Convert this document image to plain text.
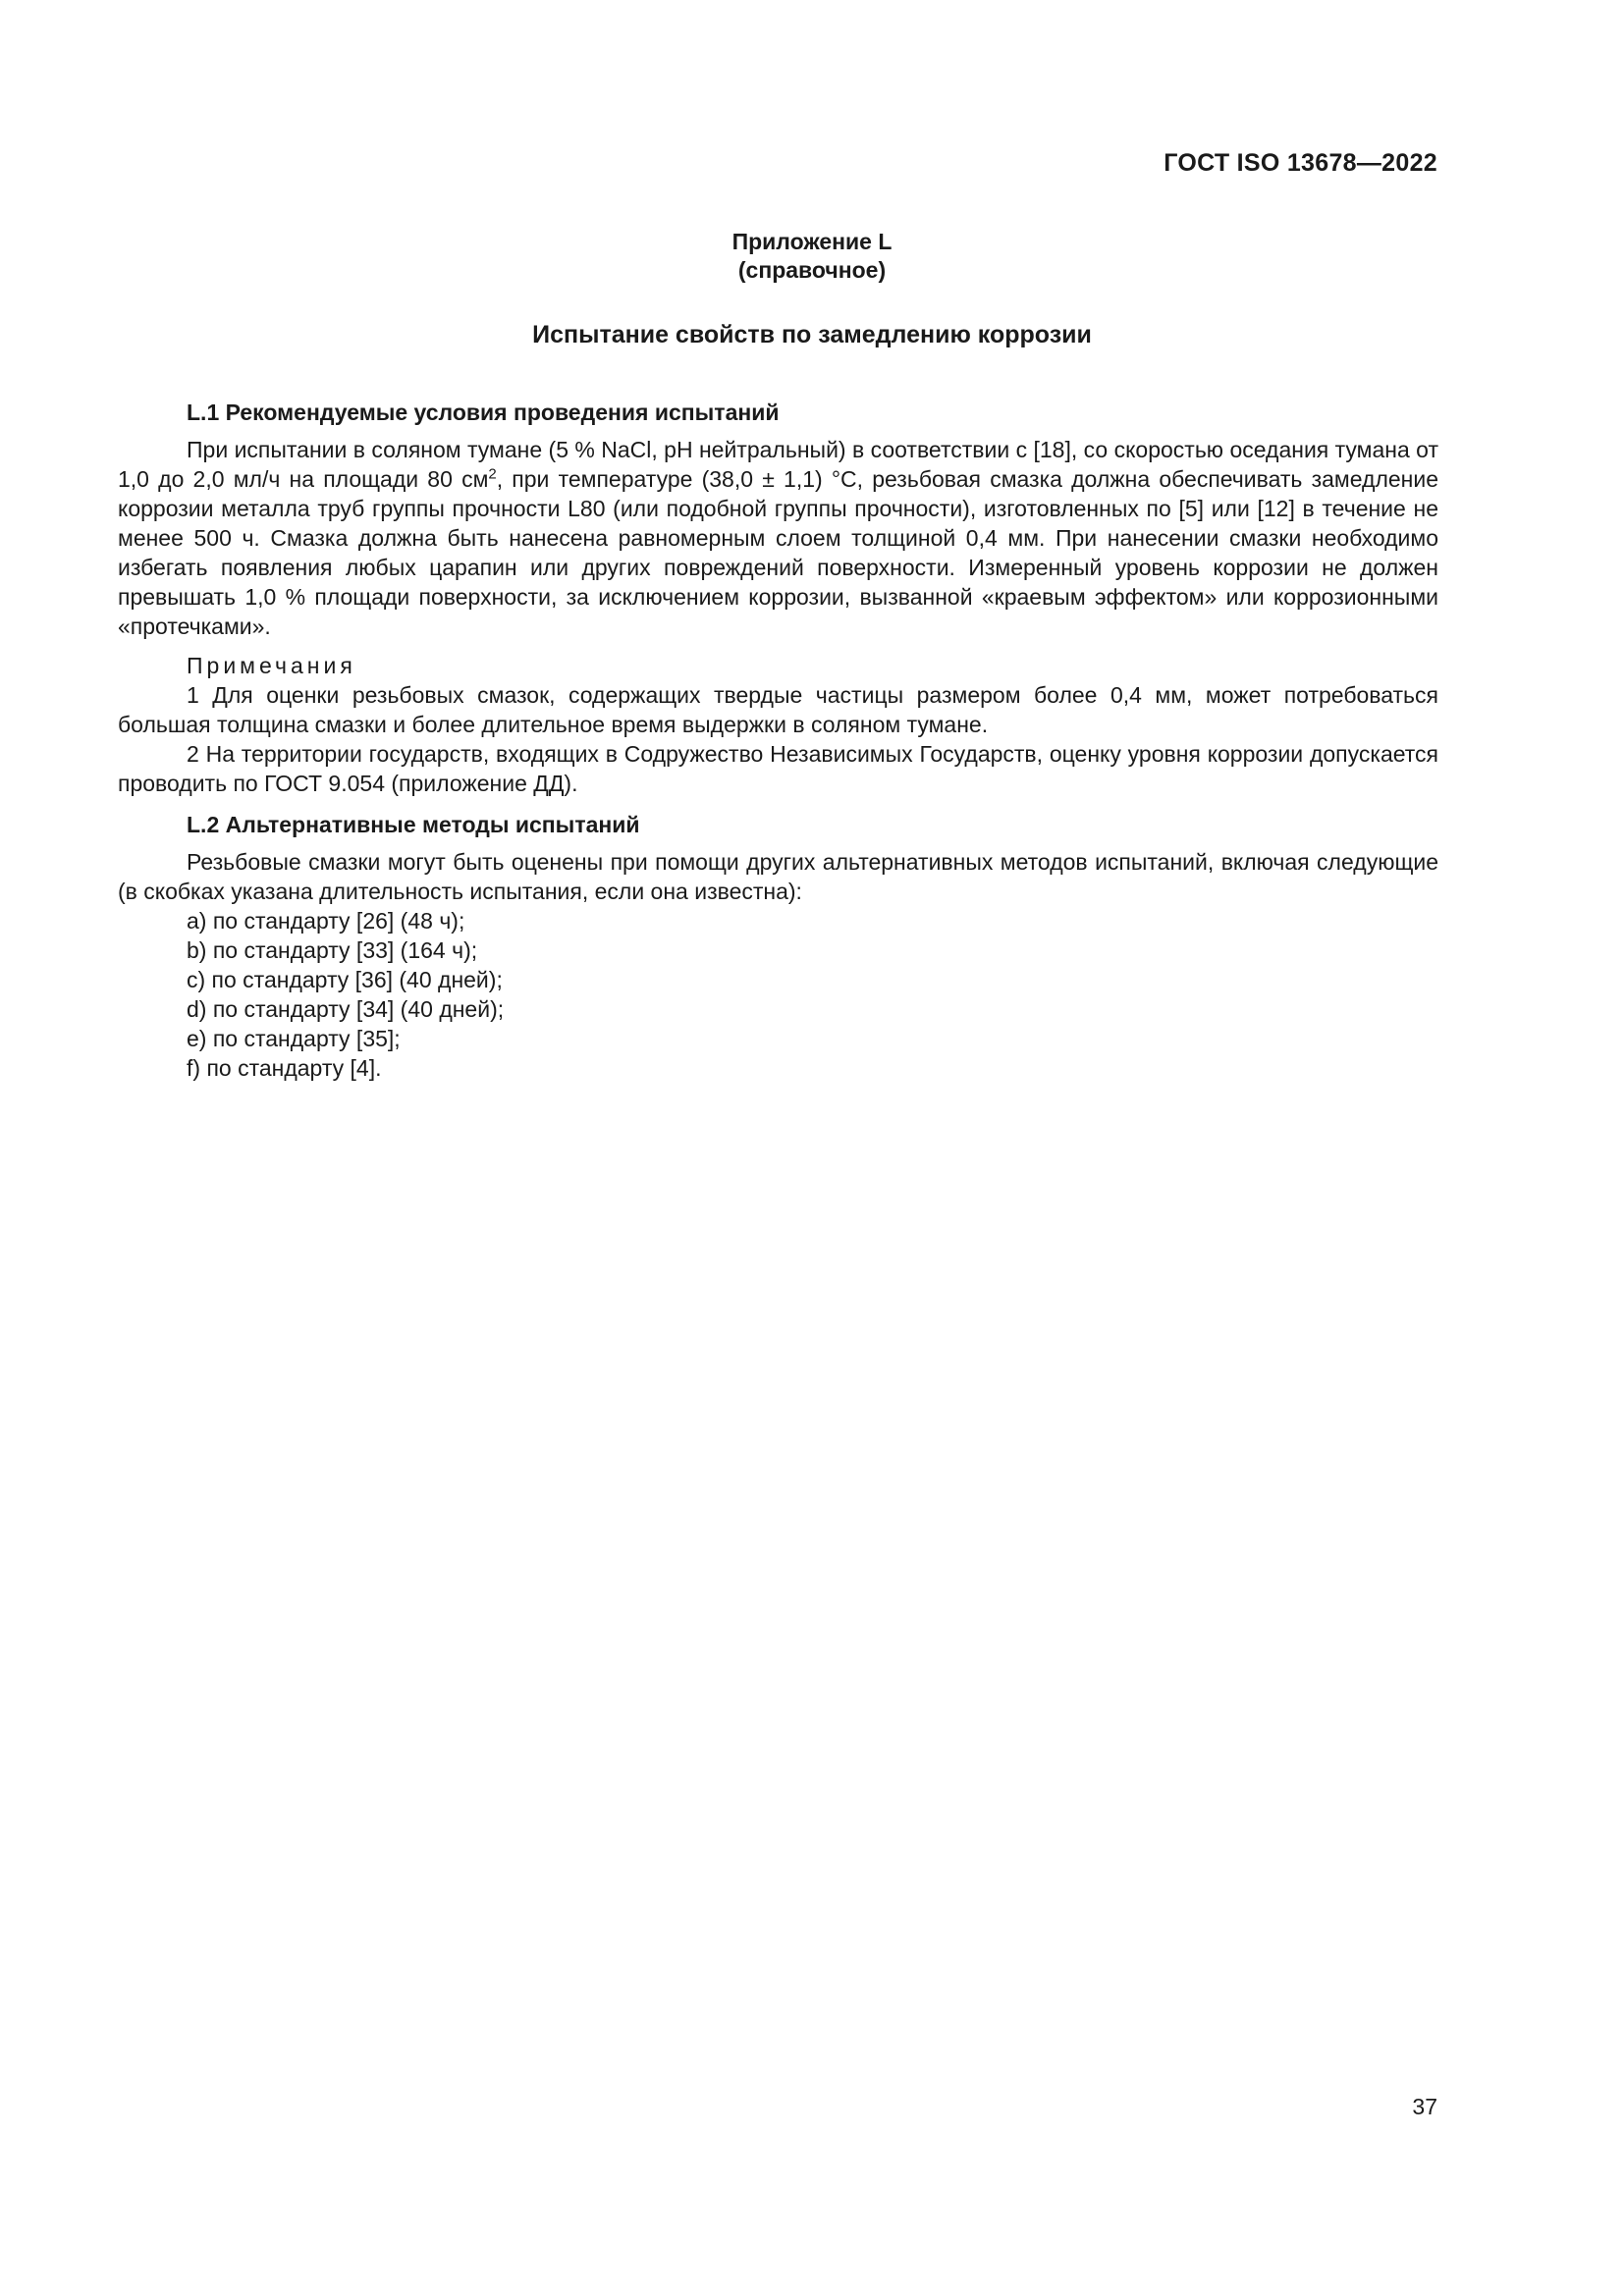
ГОСТ ISO 13678—2022
Приложение L
(справочное)
Испытание свойств по замедлению коррозии

L.1 Рекомендуемые условия проведения испытаний

При испытании в соляном тумане (5 % NaCl, pH нейтральный) в соответствии с [18], со скоростью оседания тумана от 1,0 до 2,0 мл/ч на площади 80 $см^2$, при температуре (38,0 ± 1,1) °C, резьбовая смазка должна обеспечивать замедление коррозии металла труб группы прочности L80 (или подобной группы прочности), изготовленных по [5] или [12] в течение не менее 500 ч. Смазка должна быть нанесена равномерным слоем толщиной 0,4 мм. При нанесении смазки необходимо избегать появления любых царапин или других повреждений поверхности. Измеренный уровень коррозии не должен превышать 1,0 % площади поверхности, за исключением коррозии, вызванной «краевым эффектом» или коррозионными «протечками».

Примечания

1 Для оценки резьбовых смазок, содержащих твердые частицы размером более 0,4 мм, может потребоваться большая толщина смазки и более длительное время выдержки в соляном тумане.

2 На территории государств, входящих в Содружество Независимых Государств, оценку уровня коррозии допускается проводить по ГОСТ 9.054 (приложение ДД).

L.2 Альтернативные методы испытаний

Резьбовые смазки могут быть оценены при помощи других альтернативных методов испытаний, включая следующие (в скобках указана длительность испытания, если она известна):

a) по стандарту [26] (48 ч);
b) по стандарту [33] (164 ч);
c) по стандарту [36] (40 дней);
d) по стандарту [34] (40 дней);
e) по стандарту [35];
f) по стандарту [4].
37
